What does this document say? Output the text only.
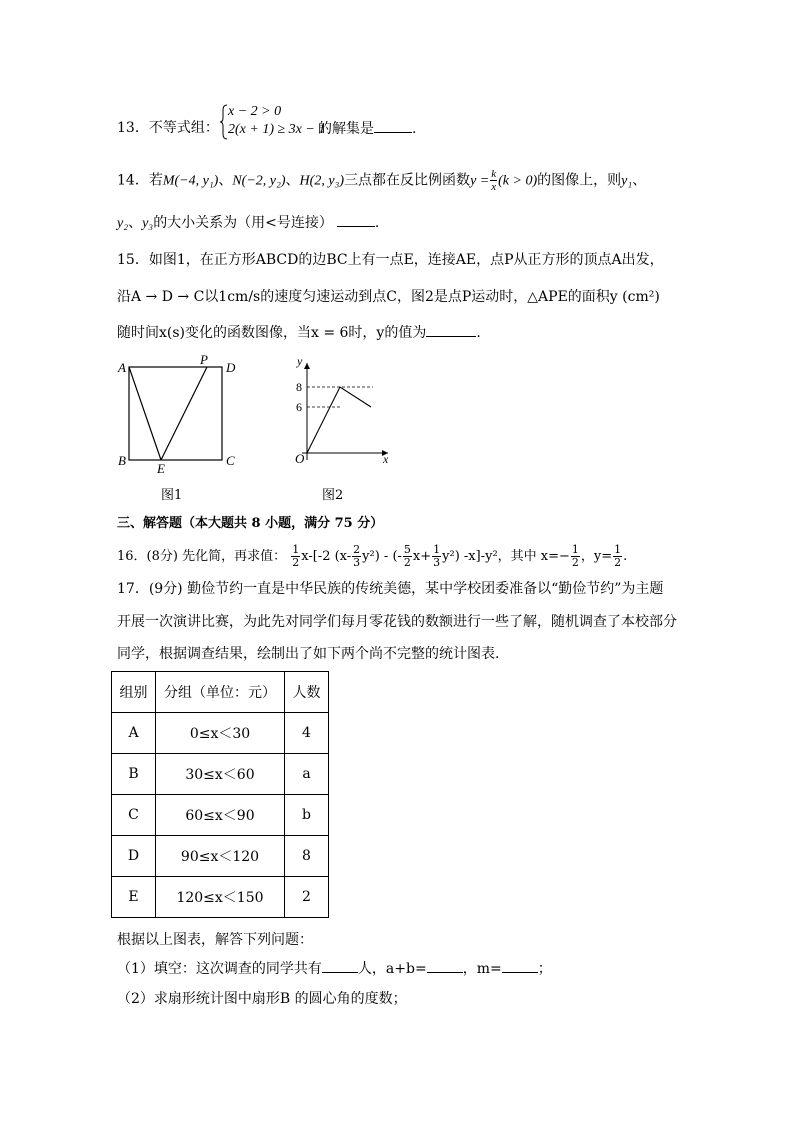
13．不等式组：
x − 2 > 0
2(x + 1) ≥ 3x − 1
的解集是	.
14．若M(−4, y₁)、N(−2, y₂)、H(2, y₃)三点都在反比例函数$y = \frac{k}{x} (k > 0)$的图像上，则y₁、
y₂、y₃的大小关系为（用<号连接）	.
15．如图1，在正方形ABCD的边BC上有一点E，连接AE，点P从正方形的顶点A出发，
沿A → D → C以1cm/s的速度匀速运动到点C，图2是点P运动时，△APE的面积y (cm²)
随时间x(s)变化的函数图像，当x = 6时，y的值为	.
A
B	C
D
E
P
图1
y
x
O
8
6
图2
三、解答题（本大题共 8 小题，满分 75 分）
16．(8分) 先化简，再求值： $\frac{1}{2} x-[-2$ $(x- \frac{2}{3} y^2)$ - (- $\frac{5}{2} x+ \frac{1}{3} y^2$) -x]-y²，其中 $x=- \frac{1}{2}$ ，$y= \frac{1}{2}$ .
17．(9分) 勤俭节约一直是中华民族的传统美德，某中学校团委准备以“勤俭节约”为主题
开展一次演讲比赛，为此先对同学们每月零花钱的数额进行一些了解，随机调查了本校部分
同学，根据调查结果，绘制出了如下两个尚不完整的统计图表.
组别	分组（单位：元）	人数
A	0≤x＜30	4
B	30≤x＜60	a
C	60≤x＜90	b
D	90≤x＜120	8
E	120≤x＜150	2
根据以上图表，解答下列问题：
（1）填空：这次调查的同学共有	人，a+b=	，m=	；
（2）求扇形统计图中扇形B 的圆心角的度数；
